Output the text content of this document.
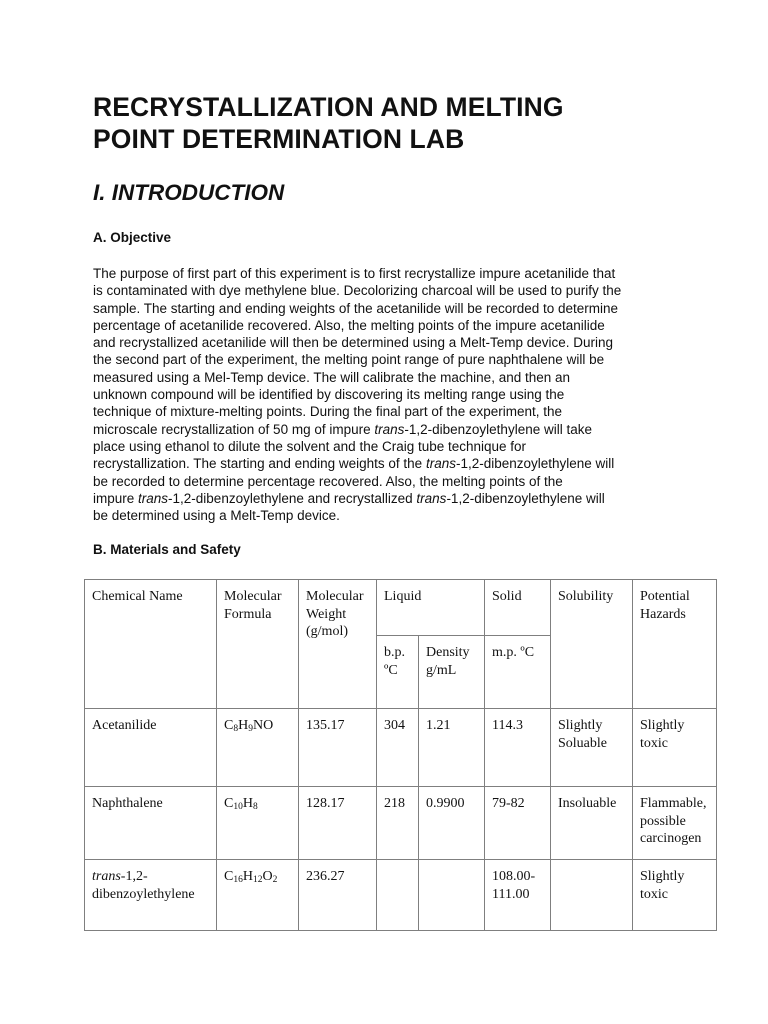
RECRYSTALLIZATION AND MELTING
POINT DETERMINATION LAB
I. INTRODUCTION
A. Objective

The purpose of first part of this experiment is to first recrystallize impure acetanilide that
is contaminated with dye methylene blue. Decolorizing charcoal will be used to purify the
sample. The starting and ending weights of the acetanilide will be recorded to determine
percentage of acetanilide recovered. Also, the melting points of the impure acetanilide
and recrystallized acetanilide will then be determined using a Melt-Temp device. During
the second part of the experiment, the melting point range of pure naphthalene will be
measured using a Mel-Temp device. The will calibrate the machine, and then an
unknown compound will be identified by discovering its melting range using the
technique of mixture-melting points. During the final part of the experiment, the
microscale recrystallization of 50 mg of impure trans-1,2-dibenzoylethylene will take
place using ethanol to dilute the solvent and the Craig tube technique for
recrystallization. The starting and ending weights of the trans-1,2-dibenzoylethylene will
be recorded to determine percentage recovered. Also, the melting points of the
impure trans-1,2-dibenzoylethylene and recrystallized trans-1,2-dibenzoylethylene will
be determined using a Melt-Temp device.

B. Materials and Safety
Chemical Name	Molecular Formula	Molecular Weight (g/mol)	Liquid		Solid	Solubility	Potential Hazards
			b.p. ºC	Density g/mL	m.p. ºC		
Acetanilide	$C_8H_9NO$	135.17	304	1.21	114.3	Slightly Soluable	Slightly toxic
Naphthalene	$C_{10}H_8$	128.17	218	0.9900	79-82	Insoluable	Flammable, possible carcinogen
trans-1,2- dibenzoylethylene	$C_{16}H_{12}O_2$	236.27			108.00- 111.00		Slightly toxic
